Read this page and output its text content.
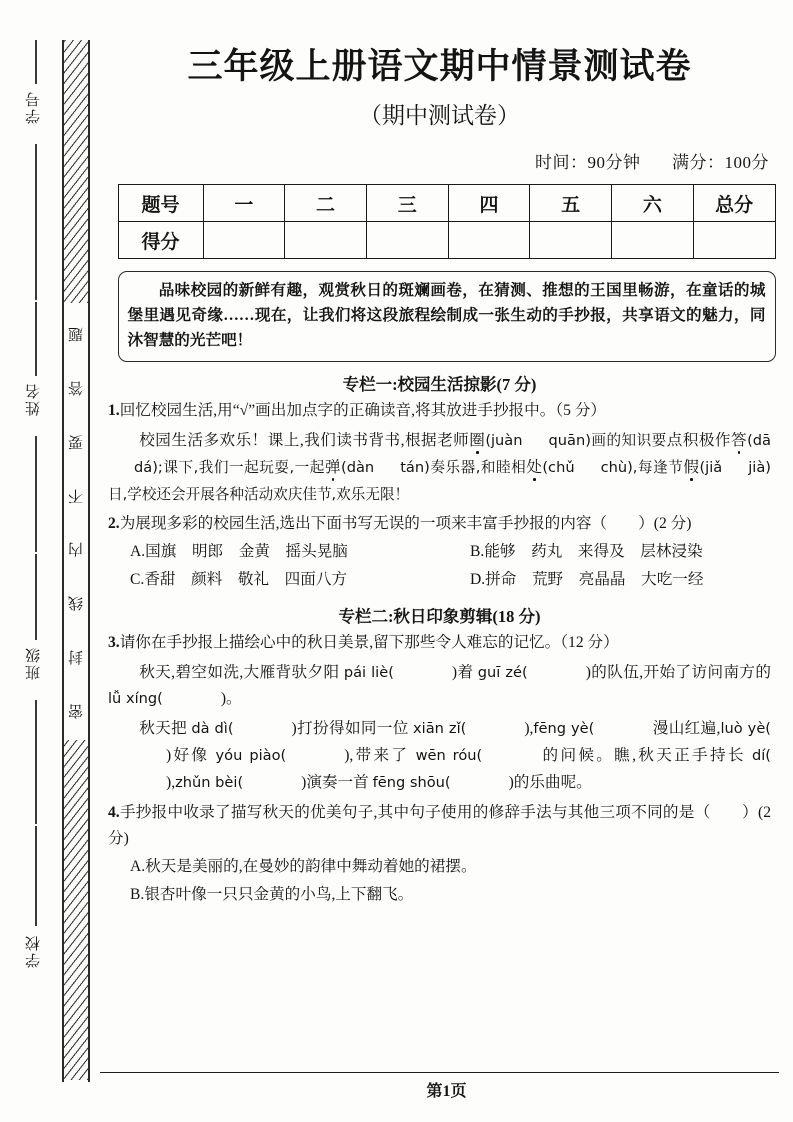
学号
姓名
班级
学校
密
封
线
内
不
要
答
题
三年级上册语文期中情景测试卷
（期中测试卷）
时间：90分钟 满分：100分
题号	一	二	三	四	五	六	总分
得分							

品味校园的新鲜有趣，观赏秋日的斑斓画卷，在猜测、推想的王国里畅游，在童话的城堡里遇见奇缘……现在，让我们将这段旅程绘制成一张生动的手抄报，共享语文的魅力，同沐智慧的光芒吧！

专栏一:校园生活掠影(7 分)
1.回忆校园生活,用“√”画出加点字的正确读音,将其放进手抄报中。（5 分）
校园生活多欢乐！课上,我们读书背书,根据老师圈(juàn quān)画的知识要点积极作答(dādá);课下,我们一起玩耍,一起弹(dàn tán)奏乐器,和睦相处(chǔ chù),每逢节假(jiǎ jià)日,学校还会开展各种活动欢庆佳节,欢乐无限！
2.为展现多彩的校园生活,选出下面书写无误的一项来丰富手抄报的内容（　　）(2 分)
A.国旗　明郎　金黄　摇头晃脑	B.能够　药丸　来得及　层林浸染
C.香甜　颜料　敬礼　四面八方	D.拼命　荒野　亮晶晶　大吃一经
专栏二:秋日印象剪辑(18 分)
3.请你在手抄报上描绘心中的秋日美景,留下那些令人难忘的记忆。（12 分）
秋天,碧空如洗,大雁背驮夕阳 pái liè(	)着 guī zé(	)的队伍,开始了访问南方的 lǚ xíng(	)。
秋天把 dà dì(	)打扮得如同一位 xiān zǐ(	),fēng yè(	漫山红遍,luò yè()好像 yóu piào(	),带来了 wēn róu(	的问候。瞧,秋天正手持长 dí(),zhǔn bèi(	)演奏一首 fēng shōu(	)的乐曲呢。
4.手抄报中收录了描写秋天的优美句子,其中句子使用的修辞手法与其他三项不同的是（　　）(2 分)
A.秋天是美丽的,在曼妙的韵律中舞动着她的裙摆。
B.银杏叶像一只只金黄的小鸟,上下翻飞。
第1页
